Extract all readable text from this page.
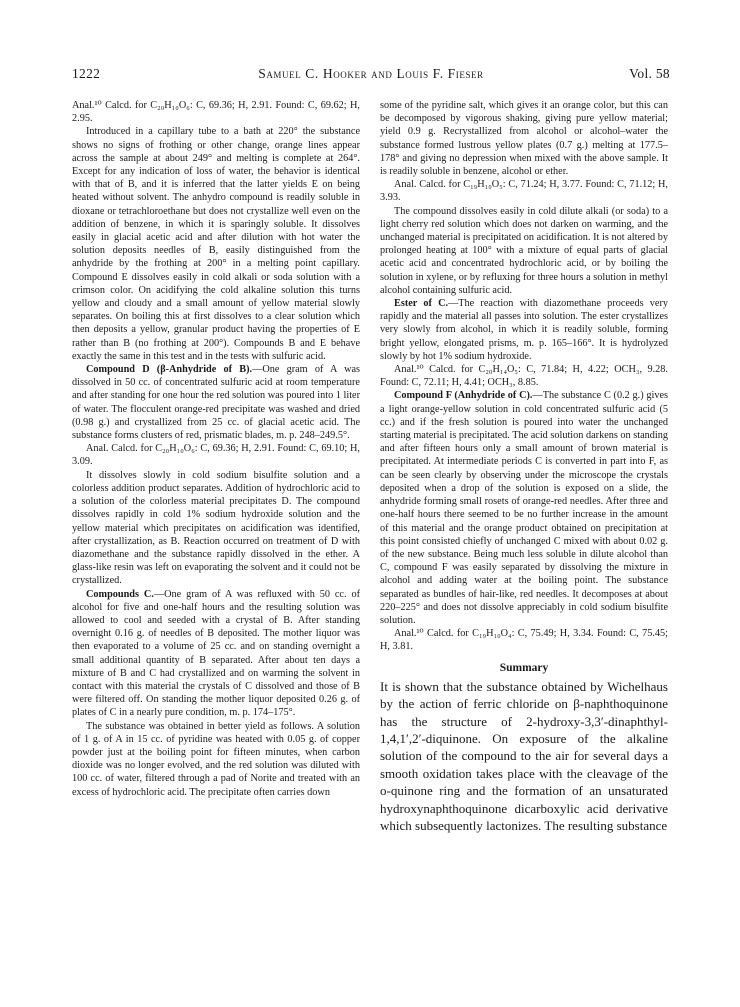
1222	Samuel C. Hooker and Louis F. Fieser	Vol. 58

Anal.¹⁰ Calcd. for C₂₀H₁₀O₆: C, 69.36; H, 2.91. Found: C, 69.62; H, 2.95.

Introduced in a capillary tube to a bath at 220° the substance shows no signs of frothing or other change, orange lines appear across the sample at about 249° and melting is complete at 264°. Except for any indication of loss of water, the behavior is identical with that of B, and it is inferred that the latter yields E on being heated without solvent. The anhydro compound is readily soluble in dioxane or tetrachloroethane but does not crystallize well even on the addition of benzene, in which it is sparingly soluble. It dissolves easily in glacial acetic acid and after dilution with hot water the solution deposits needles of B, easily distinguished from the anhydride by the frothing at 200° in a melting point capillary. Compound E dissolves easily in cold alkali or soda solution with a crimson color. On acidifying the cold alkaline solution this turns yellow and cloudy and a small amount of yellow material slowly separates. On boiling this at first dissolves to a clear solution which then deposits a yellow, granular product having the properties of E rather than B (no frothing at 200°). Compounds B and E behave exactly the same in this test and in the tests with sulfuric acid.

Compound D (β-Anhydride of B).—One gram of A was dissolved in 50 cc. of concentrated sulfuric acid at room temperature and after standing for one hour the red solution was poured into 1 liter of water. The flocculent orange-red precipitate was washed and dried (0.98 g.) and crystallized from 25 cc. of glacial acetic acid. The substance forms clusters of red, prismatic blades, m. p. 248–249.5°.

Anal. Calcd. for C₂₀H₁₀O₆: C, 69.36; H, 2.91. Found: C, 69.10; H, 3.09.

It dissolves slowly in cold sodium bisulfite solution and a colorless addition product separates. Addition of hydrochloric acid to a solution of the colorless material precipitates D. The compound dissolves rapidly in cold 1% sodium hydroxide solution and the yellow material which precipitates on acidification was identified, after crystallization, as B. Reaction occurred on treatment of D with diazomethane and the substance rapidly dissolved in the ether. A glass-like resin was left on evaporating the solvent and it could not be crystallized.

Compounds C.—One gram of A was refluxed with 50 cc. of alcohol for five and one-half hours and the resulting solution was allowed to cool and seeded with a crystal of B. After standing overnight 0.16 g. of needles of B deposited. The mother liquor was then evaporated to a volume of 25 cc. and on standing overnight a small additional quantity of B separated. After about ten days a mixture of B and C had crystallized and on warming the solvent in contact with this material the crystals of C dissolved and those of B were filtered off. On standing the mother liquor deposited 0.26 g. of plates of C in a nearly pure condition, m. p. 174–175°.

The substance was obtained in better yield as follows. A solution of 1 g. of A in 15 cc. of pyridine was heated with 0.05 g. of copper powder just at the boiling point for fifteen minutes, when carbon dioxide was no longer evolved, and the red solution was diluted with 100 cc. of water, filtered through a pad of Norite and treated with an excess of hydrochloric acid. The precipitate often carries down

some of the pyridine salt, which gives it an orange color, but this can be decomposed by vigorous shaking, giving pure yellow material; yield 0.9 g. Recrystallized from alcohol or alcohol–water the substance formed lustrous yellow plates (0.7 g.) melting at 177.5–178° and giving no depression when mixed with the above sample. It is readily soluble in benzene, alcohol or ether.

Anal. Calcd. for C₁₉H₁₀O₅: C, 71.24; H, 3.77. Found: C, 71.12; H, 3.93.

The compound dissolves easily in cold dilute alkali (or soda) to a light cherry red solution which does not darken on warming, and the unchanged material is precipitated on acidification. It is not altered by prolonged heating at 100° with a mixture of equal parts of glacial acetic acid and concentrated hydrochloric acid, or by boiling the solution in xylene, or by refluxing for three hours a solution in methyl alcohol containing sulfuric acid.

Ester of C.—The reaction with diazomethane proceeds very rapidly and the material all passes into solution. The ester crystallizes very slowly from alcohol, in which it is readily soluble, forming bright yellow, elongated prisms, m. p. 165–166°. It is hydrolyzed slowly by hot 1% sodium hydroxide.

Anal.¹⁰ Calcd. for C₂₀H₁₄O₅: C, 71.84; H, 4.22; OCH₃, 9.28. Found: C, 72.11; H, 4.41; OCH₃, 8.85.

Compound F (Anhydride of C).—The substance C (0.2 g.) gives a light orange-yellow solution in cold concentrated sulfuric acid (5 cc.) and if the fresh solution is poured into water the unchanged starting material is precipitated. The acid solution darkens on standing and after fifteen hours only a small amount of brown material is precipitated. At intermediate periods C is converted in part into F, as can be seen clearly by observing under the microscope the crystals deposited when a drop of the solution is exposed on a slide, the anhydride forming small rosets of orange-red needles. After three and one-half hours there seemed to be no further increase in the amount of this material and the orange product obtained on precipitation at this point consisted chiefly of unchanged C mixed with about 0.02 g. of the new substance. Being much less soluble in dilute alcohol than C, compound F was easily separated by dissolving the mixture in alcohol and adding water at the boiling point. The substance separated as bundles of hair-like, red needles. It decomposes at about 220–225° and does not dissolve appreciably in cold sodium bisulfite solution.

Anal.¹⁰ Calcd. for C₁₉H₁₀O₄: C, 75.49; H, 3.34. Found: C, 75.45; H, 3.81.

Summary

It is shown that the substance obtained by Wichelhaus by the action of ferric chloride on β-naphthoquinone has the structure of 2-hydroxy-3,3′-dinaphthyl-1,4,1′,2′-diquinone. On exposure of the alkaline solution of the compound to the air for several days a smooth oxidation takes place with the cleavage of the o-quinone ring and the formation of an unsaturated hydroxynaphthoquinone dicarboxylic acid derivative which subsequently lactonizes. The resulting substance
